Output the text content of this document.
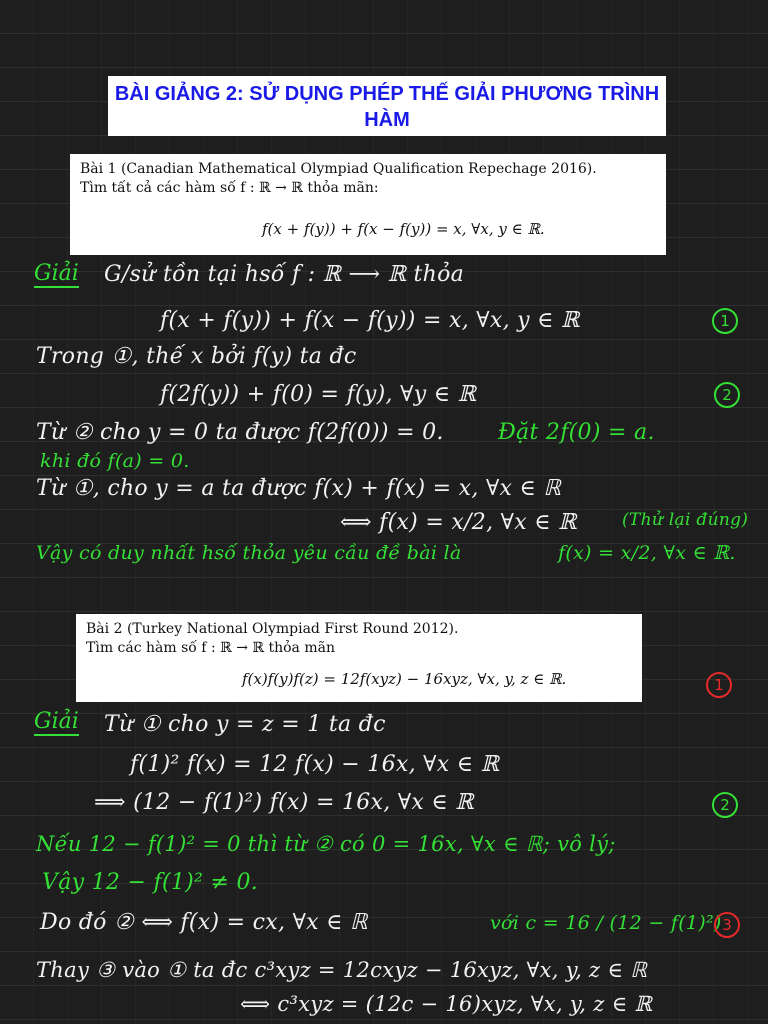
BÀI GIẢNG 2: SỬ DỤNG PHÉP THẾ GIẢI PHƯƠNG TRÌNH
HÀM
Bài 1 (Canadian Mathematical Olympiad Qualification Repechage 2016).
Tìm tất cả các hàm số f : ℝ → ℝ thỏa mãn:
f(x + f(y)) + f(x − f(y)) = x, ∀x, y ∈ ℝ.
Giải G/sử tồn tại hsố f : ℝ ⟶ ℝ thỏa
f(x + f(y)) + f(x − f(y)) = x, ∀x, y ∈ ℝ	1
Trong ①, thế x bởi f(y) ta đc
f(2f(y)) + f(0) = f(y), ∀y ∈ ℝ	2
Từ ② cho y = 0 ta được f(2f(0)) = 0. Đặt 2f(0) = a.
khi đó f(a) = 0.
Từ ①, cho y = a ta được f(x) + f(x) = x, ∀x ∈ ℝ
⟺ f(x) = x/2, ∀x ∈ ℝ	(Thử lại đúng)
Vậy có duy nhất hsố thỏa yêu cầu đề bài là	f(x) = x/2, ∀x ∈ ℝ.
Bài 2 (Turkey National Olympiad First Round 2012).
Tìm các hàm số f : ℝ → ℝ thỏa mãn
f(x)f(y)f(z) = 12f(xyz) − 16xyz, ∀x, y, z ∈ ℝ.	1
Giải Từ ① cho y = z = 1 ta đc
f(1)² f(x) = 12 f(x) − 16x, ∀x ∈ ℝ
⟹ (12 − f(1)²) f(x) = 16x, ∀x ∈ ℝ	2
Nếu 12 − f(1)² = 0 thì từ ② có 0 = 16x, ∀x ∈ ℝ; vô lý;
Vậy 12 − f(1)² ≠ 0.
Do đó ② ⟺ f(x) = cx, ∀x ∈ ℝ	với c = 16 / (12 − f(1)²) 3
Thay ③ vào ① ta đc c³xyz = 12cxyz − 16xyz, ∀x, y, z ∈ ℝ
⟺ c³xyz = (12c − 16)xyz, ∀x, y, z ∈ ℝ
